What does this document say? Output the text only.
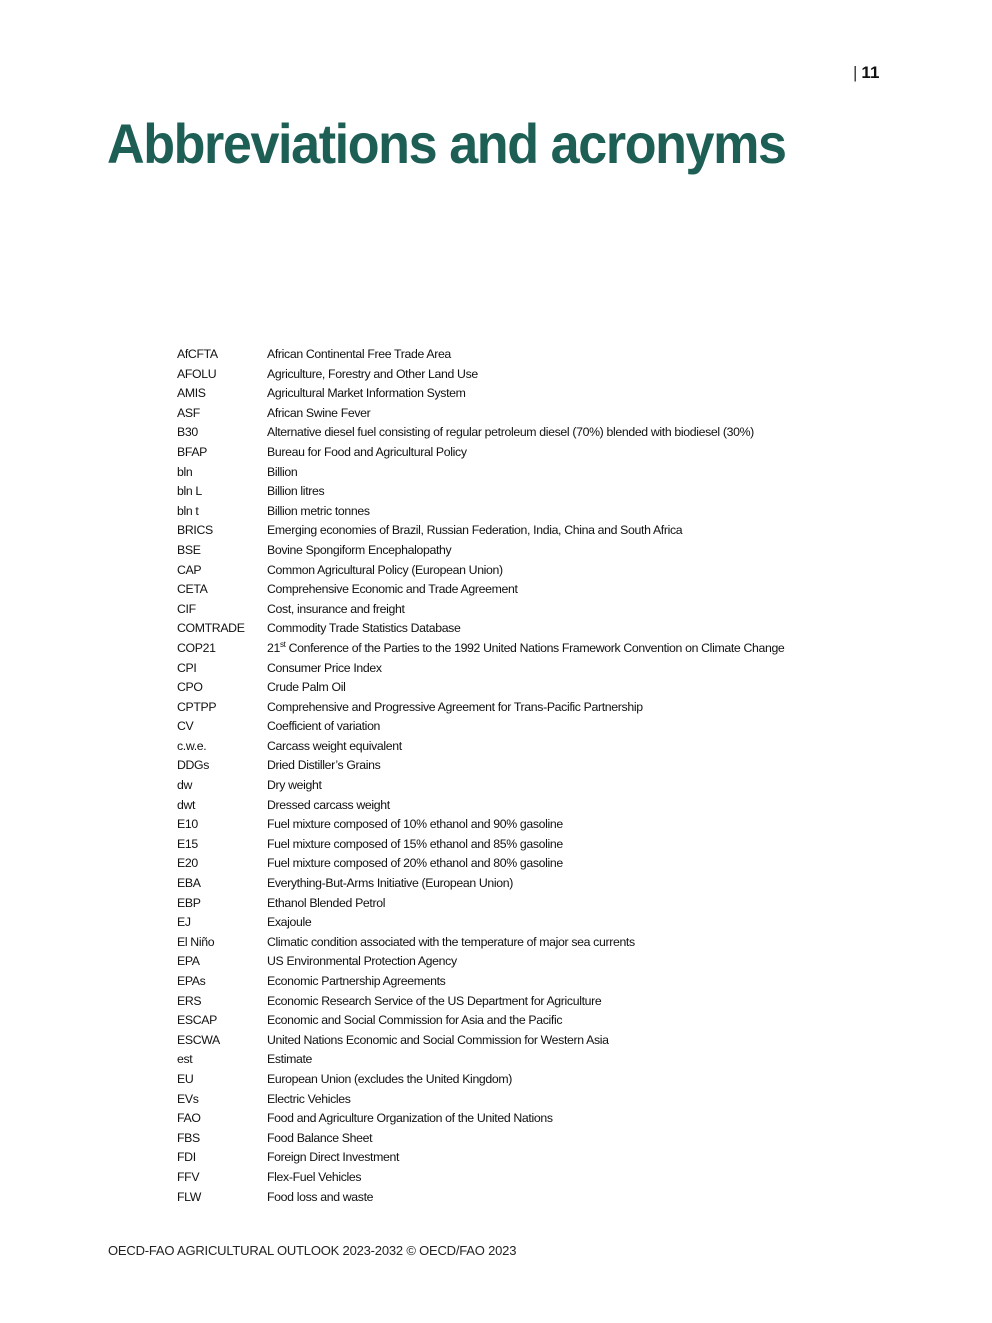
| 11
Abbreviations and acronyms
AfCFTA	African Continental Free Trade Area
AFOLU	Agriculture, Forestry and Other Land Use
AMIS	Agricultural Market Information System
ASF	African Swine Fever
B30	Alternative diesel fuel consisting of regular petroleum diesel (70%) blended with biodiesel (30%)
BFAP	Bureau for Food and Agricultural Policy
bln	Billion
bln L	Billion litres
bln t	Billion metric tonnes
BRICS	Emerging economies of Brazil, Russian Federation, India, China and South Africa
BSE	Bovine Spongiform Encephalopathy
CAP	Common Agricultural Policy (European Union)
CETA	Comprehensive Economic and Trade Agreement
CIF	Cost, insurance and freight
COMTRADE	Commodity Trade Statistics Database
COP21	21st Conference of the Parties to the 1992 United Nations Framework Convention on Climate Change
CPI	Consumer Price Index
CPO	Crude Palm Oil
CPTPP	Comprehensive and Progressive Agreement for Trans-Pacific Partnership
CV	Coefficient of variation
c.w.e.	Carcass weight equivalent
DDGs	Dried Distiller’s Grains
dw	Dry weight
dwt	Dressed carcass weight
E10	Fuel mixture composed of 10% ethanol and 90% gasoline
E15	Fuel mixture composed of 15% ethanol and 85% gasoline
E20	Fuel mixture composed of 20% ethanol and 80% gasoline
EBA	Everything-But-Arms Initiative (European Union)
EBP	Ethanol Blended Petrol
EJ	Exajoule
El Niño	Climatic condition associated with the temperature of major sea currents
EPA	US Environmental Protection Agency
EPAs	Economic Partnership Agreements
ERS	Economic Research Service of the US Department for Agriculture
ESCAP	Economic and Social Commission for Asia and the Pacific
ESCWA	United Nations Economic and Social Commission for Western Asia
est	Estimate
EU	European Union (excludes the United Kingdom)
EVs	Electric Vehicles
FAO	Food and Agriculture Organization of the United Nations
FBS	Food Balance Sheet
FDI	Foreign Direct Investment
FFV	Flex-Fuel Vehicles
FLW	Food loss and waste
OECD-FAO AGRICULTURAL OUTLOOK 2023-2032 © OECD/FAO 2023
